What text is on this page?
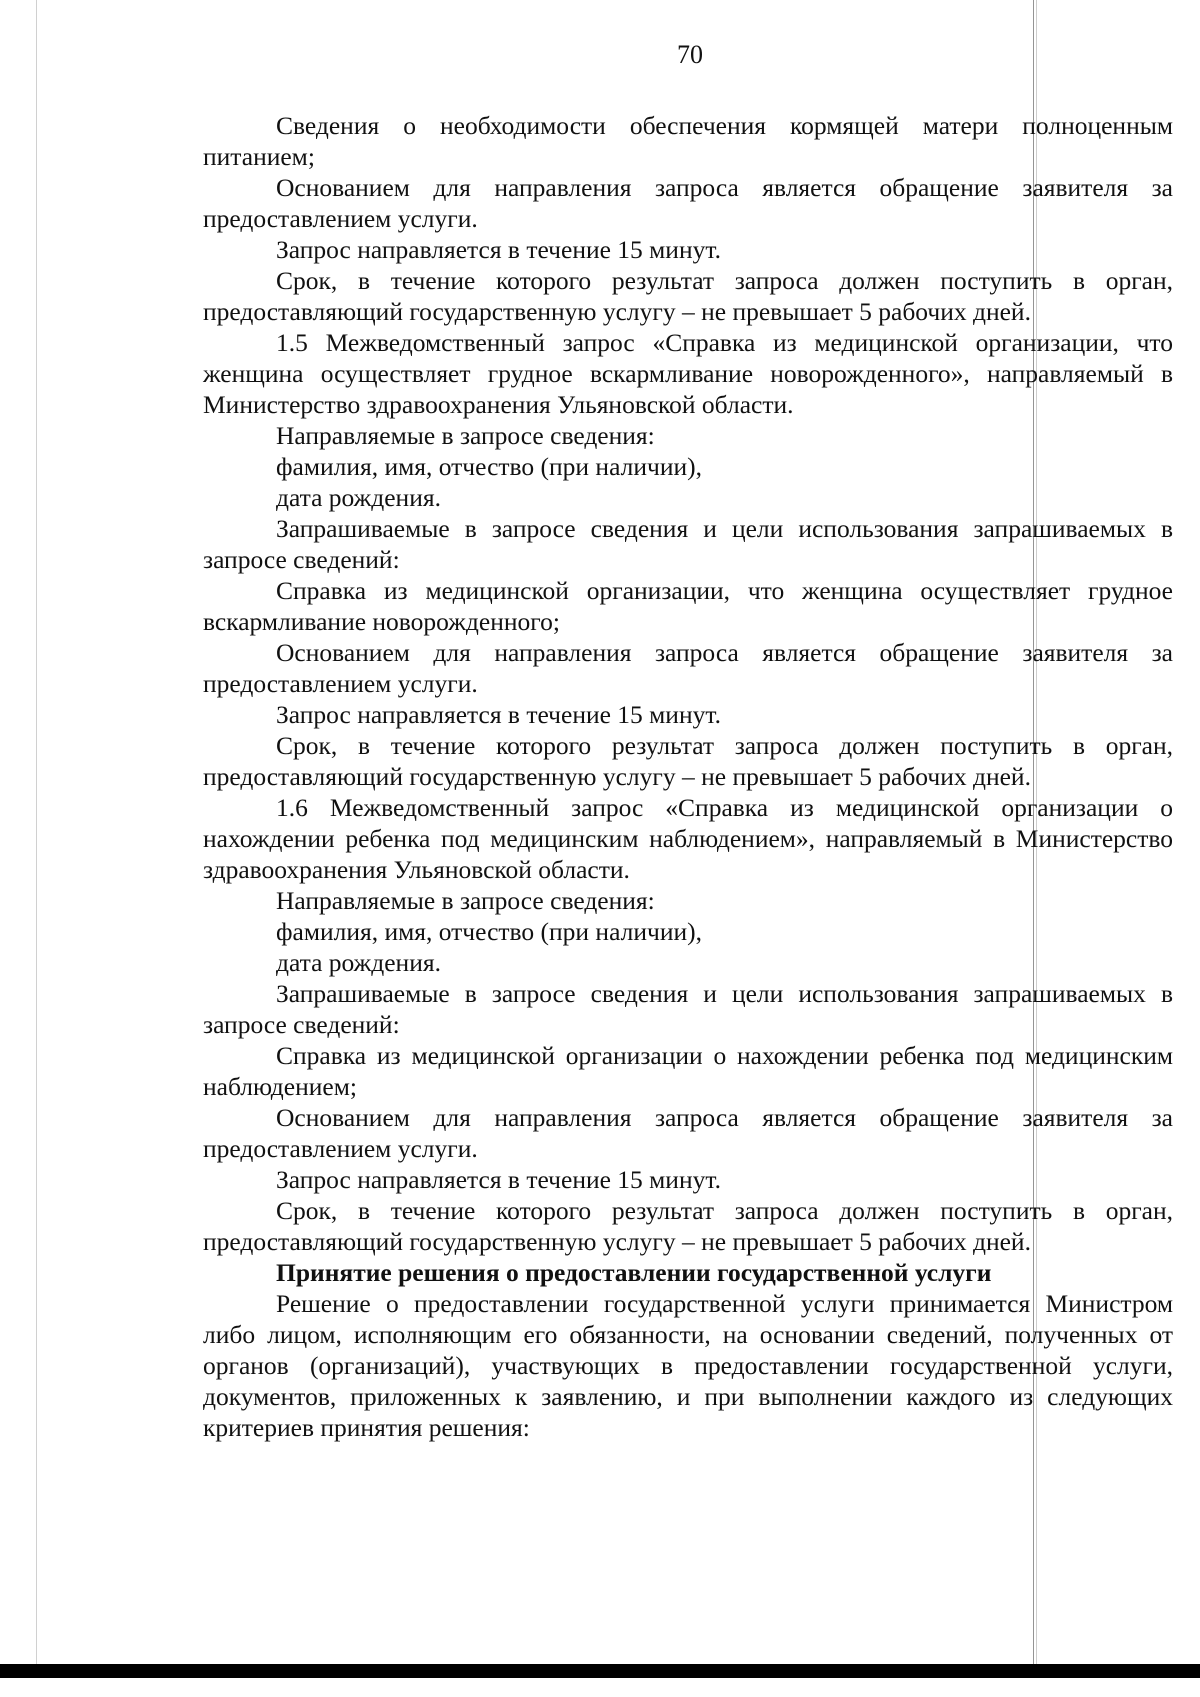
70

Сведения о необходимости обеспечения кормящей матери полноценным питанием;

Основанием для направления запроса является обращение заявителя за предоставлением услуги.

Запрос направляется в течение 15 минут.

Срок, в течение которого результат запроса должен поступить в орган, предоставляющий государственную услугу – не превышает 5 рабочих дней.

1.5 Межведомственный запрос «Справка из медицинской организации, что женщина осуществляет грудное вскармливание новорожденного», направляемый в Министерство здравоохранения Ульяновской области.

Направляемые в запросе сведения:

фамилия, имя, отчество (при наличии),

дата рождения.

Запрашиваемые в запросе сведения и цели использования запрашиваемых в запросе сведений:

Справка из медицинской организации, что женщина осуществляет грудное вскармливание новорожденного;

Основанием для направления запроса является обращение заявителя за предоставлением услуги.

Запрос направляется в течение 15 минут.

Срок, в течение которого результат запроса должен поступить в орган, предоставляющий государственную услугу – не превышает 5 рабочих дней.

1.6 Межведомственный запрос «Справка из медицинской организации о нахождении ребенка под медицинским наблюдением», направляемый в Министерство здравоохранения Ульяновской области.

Направляемые в запросе сведения:

фамилия, имя, отчество (при наличии),

дата рождения.

Запрашиваемые в запросе сведения и цели использования запрашиваемых в запросе сведений:

Справка из медицинской организации о нахождении ребенка под медицинским наблюдением;

Основанием для направления запроса является обращение заявителя за предоставлением услуги.

Запрос направляется в течение 15 минут.

Срок, в течение которого результат запроса должен поступить в орган, предоставляющий государственную услугу – не превышает 5 рабочих дней.

Принятие решения о предоставлении государственной услуги

Решение о предоставлении государственной услуги принимается Министром либо лицом, исполняющим его обязанности, на основании сведений, полученных от органов (организаций), участвующих в предоставлении государственной услуги, документов, приложенных к заявлению, и при выполнении каждого из следующих критериев принятия решения:
